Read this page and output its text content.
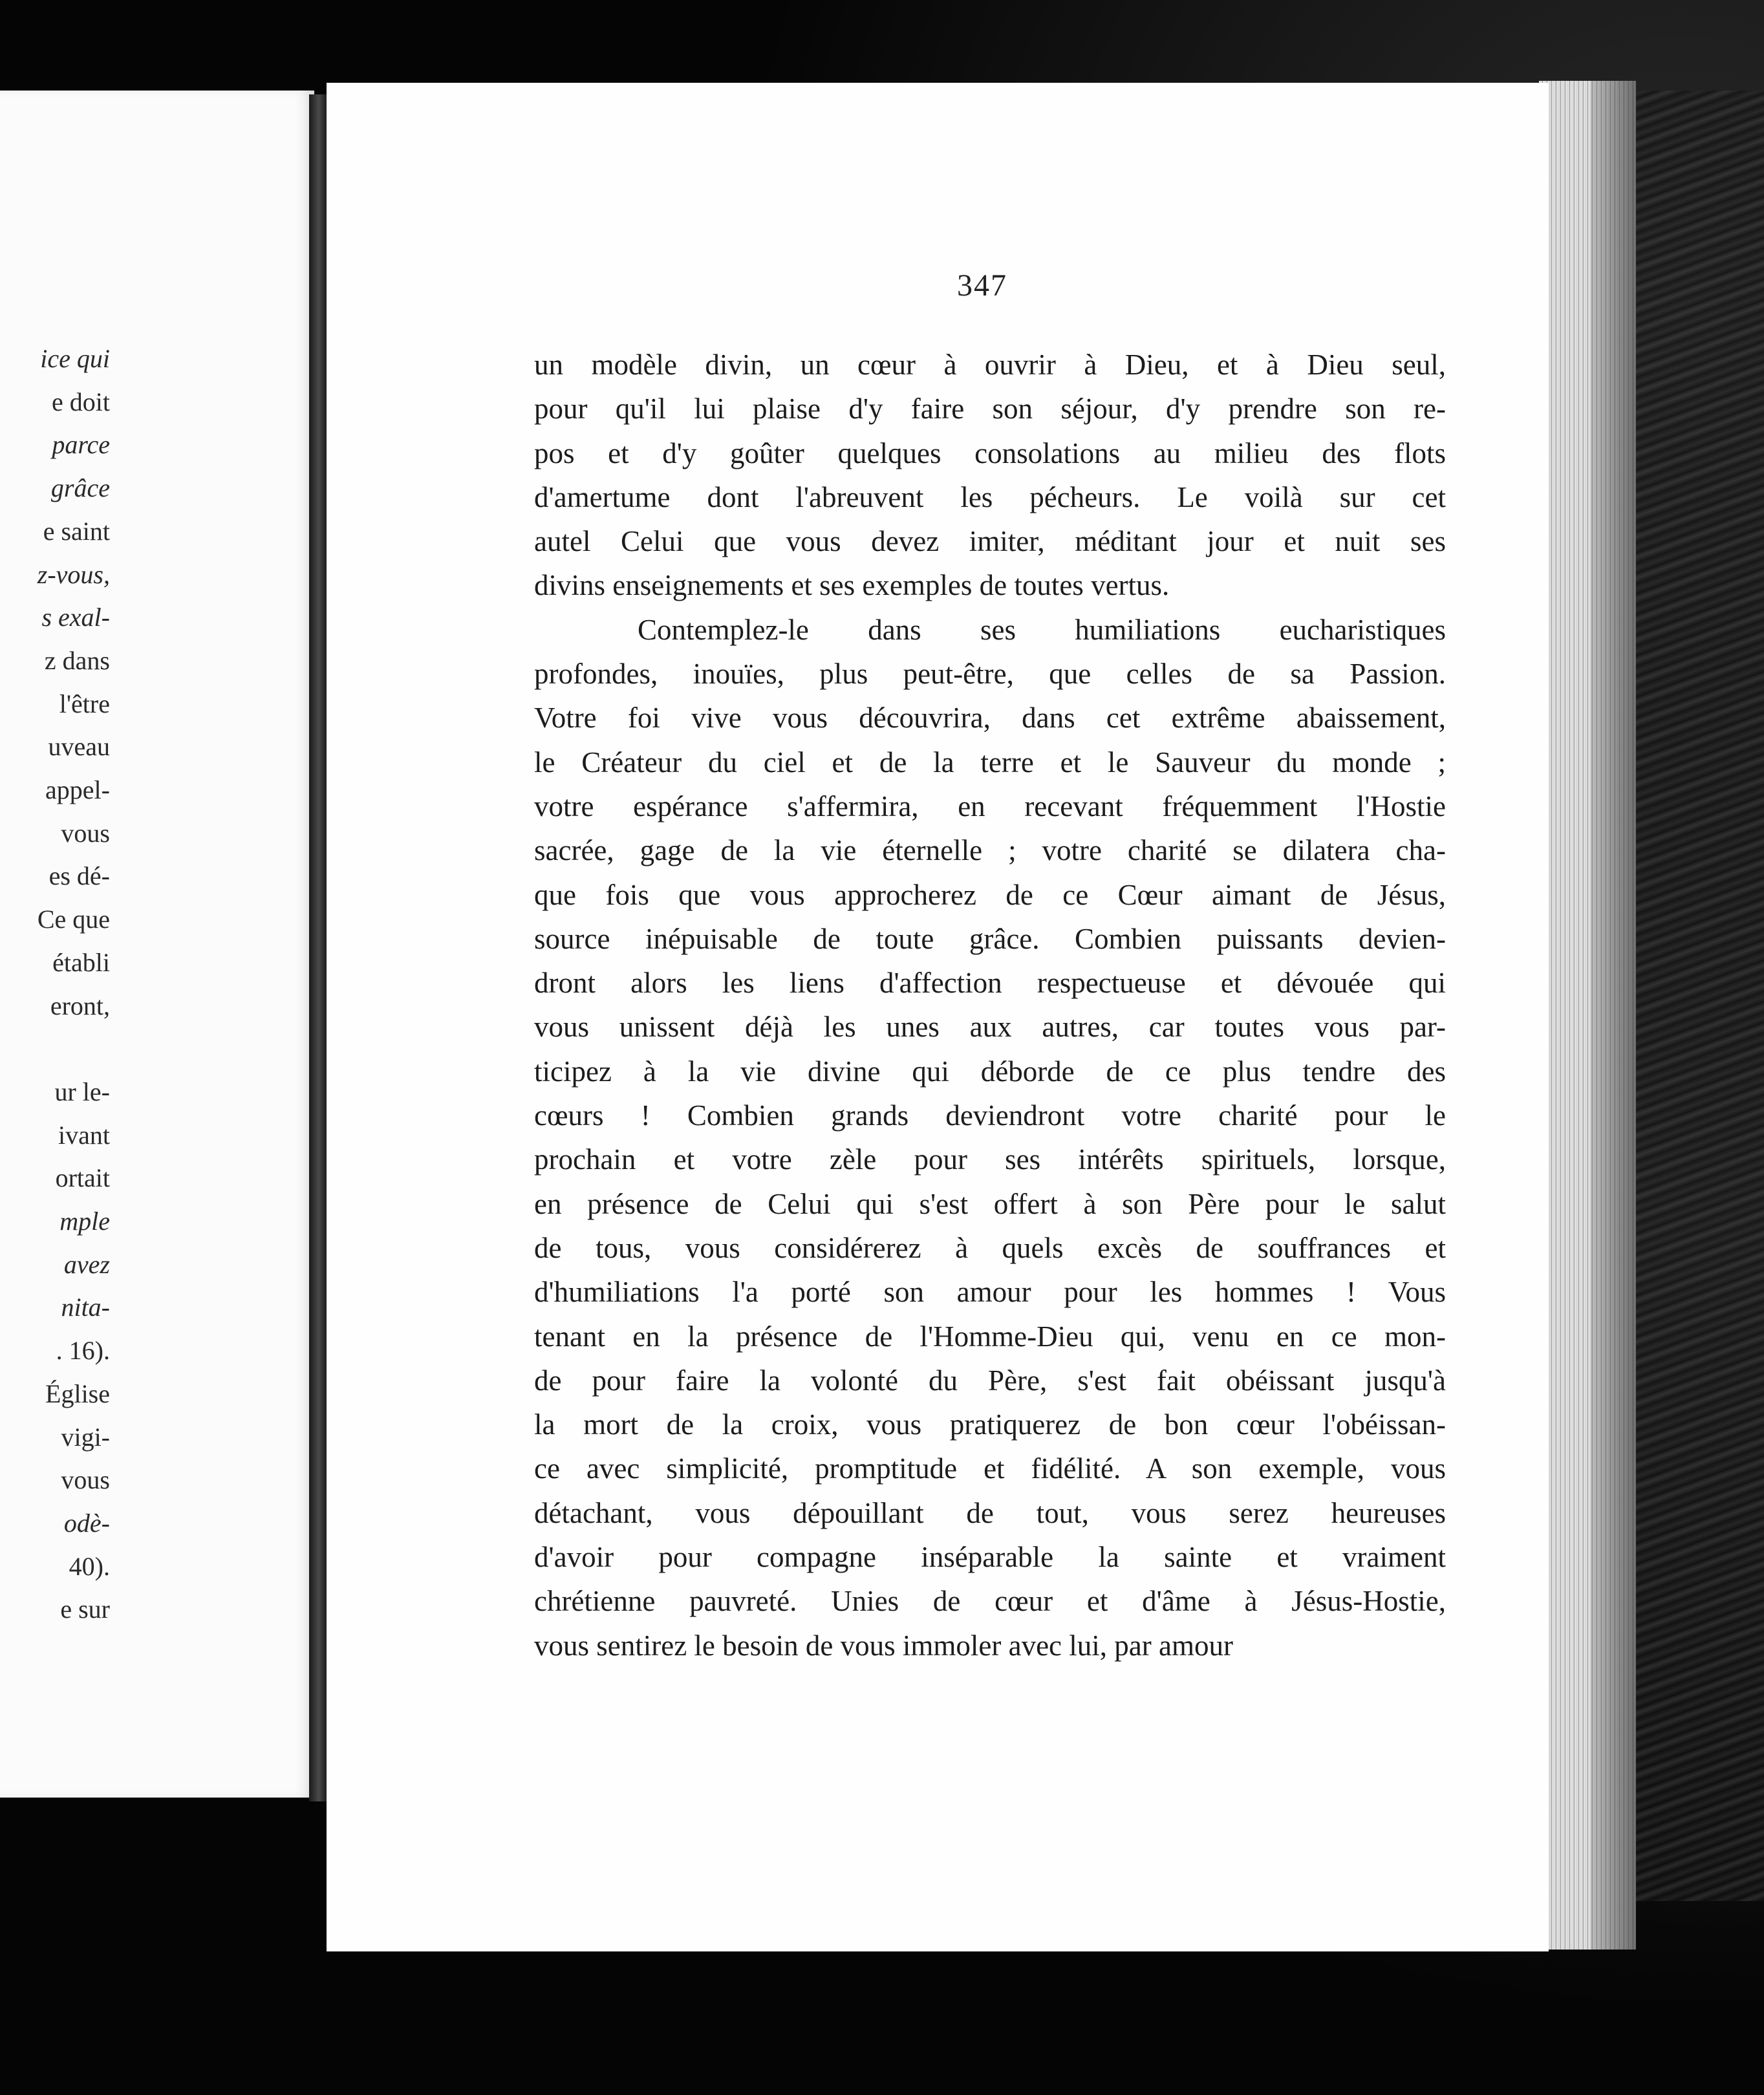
ice qui
e doit
parce
grâce
e saint
z-vous,
s exal-
z dans
l'être
uveau
appel-
vous
es dé-
Ce que
établi
eront,
ur le-
ivant
ortait
mple
avez
nita-
. 16).
Église
vigi-
vous
odè-
40).
e sur
347
un modèle divin, un cœur à ouvrir à Dieu, et à Dieu seul,
pour qu'il lui plaise d'y faire son séjour, d'y prendre son re-
pos et d'y goûter quelques consolations au milieu des flots
d'amertume dont l'abreuvent les pécheurs. Le voilà sur cet
autel Celui que vous devez imiter, méditant jour et nuit ses
divins enseignements et ses exemples de toutes vertus.
Contemplez-le dans ses humiliations eucharistiques
profondes, inouïes, plus peut-être, que celles de sa Passion.
Votre foi vive vous découvrira, dans cet extrême abaissement,
le Créateur du ciel et de la terre et le Sauveur du monde ;
votre espérance s'affermira, en recevant fréquemment l'Hostie
sacrée, gage de la vie éternelle ; votre charité se dilatera cha-
que fois que vous approcherez de ce Cœur aimant de Jésus,
source inépuisable de toute grâce. Combien puissants devien-
dront alors les liens d'affection respectueuse et dévouée qui
vous unissent déjà les unes aux autres, car toutes vous par-
ticipez à la vie divine qui déborde de ce plus tendre des
cœurs ! Combien grands deviendront votre charité pour le
prochain et votre zèle pour ses intérêts spirituels, lorsque,
en présence de Celui qui s'est offert à son Père pour le salut
de tous, vous considérerez à quels excès de souffrances et
d'humiliations l'a porté son amour pour les hommes ! Vous
tenant en la présence de l'Homme-Dieu qui, venu en ce mon-
de pour faire la volonté du Père, s'est fait obéissant jusqu'à
la mort de la croix, vous pratiquerez de bon cœur l'obéissan-
ce avec simplicité, promptitude et fidélité. A son exemple, vous
détachant, vous dépouillant de tout, vous serez heureuses
d'avoir pour compagne inséparable la sainte et vraiment
chrétienne pauvreté. Unies de cœur et d'âme à Jésus-Hostie,
vous sentirez le besoin de vous immoler avec lui, par amour
